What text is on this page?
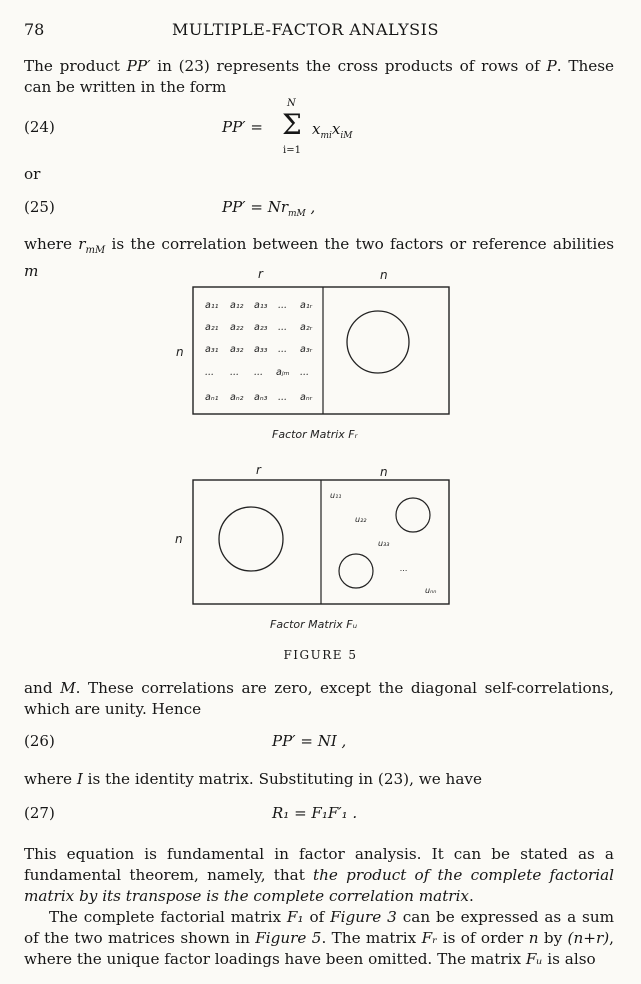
78	MULTIPLE-FACTOR ANALYSIS
The product PP′ in (23) represents the cross products of rows of P. These can be written in the form
(24)	PP′ =
N
Σ
i=1
$x_{mi}x_{iM}$
or
(25)	$PP' = Nr_{mM}$ ,
where $r_{mM}$ is the correlation between the two factors or reference abilities m	r	n
n
a₁₁ a₁₂ a₁₃ ... a₁ᵣ
a₂₁ a₂₂ a₂₃ ... a₂ᵣ
a₃₁ a₃₂ a₃₃ ... a₃ᵣ
... ... ... aⱼₘ ...
aₙ₁ aₙ₂ aₙ₃ ... aₙᵣ
Factor Matrix Fᵣ
r	n
n
u₁₁
u₂₂
u₃₃
...
uₙₙ
Factor Matrix Fᵤ
FIGURE 5
and M. These correlations are zero, except the diagonal self-correlations, which are unity. Hence
(26)	PP′ = NI ,
where I is the identity matrix. Substituting in (23), we have
(27)	R₁ = F₁F′₁ .
This equation is fundamental in factor analysis. It can be stated as a fundamental theorem, namely, that the product of the complete factorial matrix by its transpose is the complete correlation matrix.
The complete factorial matrix F₁ of Figure 3 can be expressed as a sum of the two matrices shown in Figure 5. The matrix Fᵣ is of order n by (n+r), where the unique factor loadings have been omitted. The matrix Fᵤ is also
